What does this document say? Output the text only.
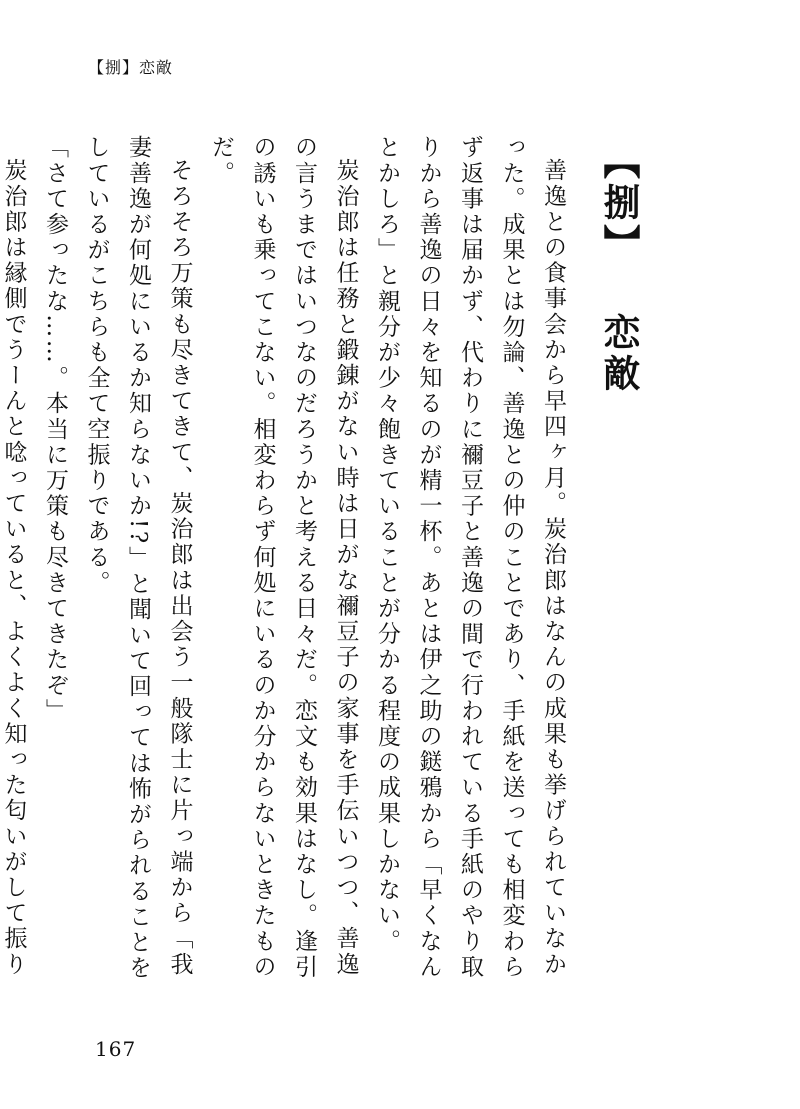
【捌】恋敵
【捌】 恋敵

善逸との食事会から早四ヶ月。炭治郎はなんの成果も挙げられていなかった。成果とは勿論、善逸との仲のことであり、手紙を送っても相変わらず返事は届かず、代わりに禰豆子と善逸の間で行われている手紙のやり取りから善逸の日々を知るのが精一杯。あとは伊之助の鎹鴉から「早くなんとかしろ」と親分が少々飽きていることが分かる程度の成果しかない。

炭治郎は任務と鍛錬がない時は日がな禰豆子の家事を手伝いつつ、善逸の言うまではいつなのだろうかと考える日々だ。恋文も効果はなし。逢引の誘いも乗ってこない。相変わらず何処にいるのか分からないときたものだ。

そろそろ万策も尽きてきて、炭治郎は出会う一般隊士に片っ端から「我妻善逸が何処にいるか知らないか!?」と聞いて回っては怖がられることをしているがこちらも全て空振りである。

「さて参ったな……。本当に万策も尽きてきたぞ」

炭治郎は縁側でうーんと唸っていると、よくよく知った匂いがして振り

167
